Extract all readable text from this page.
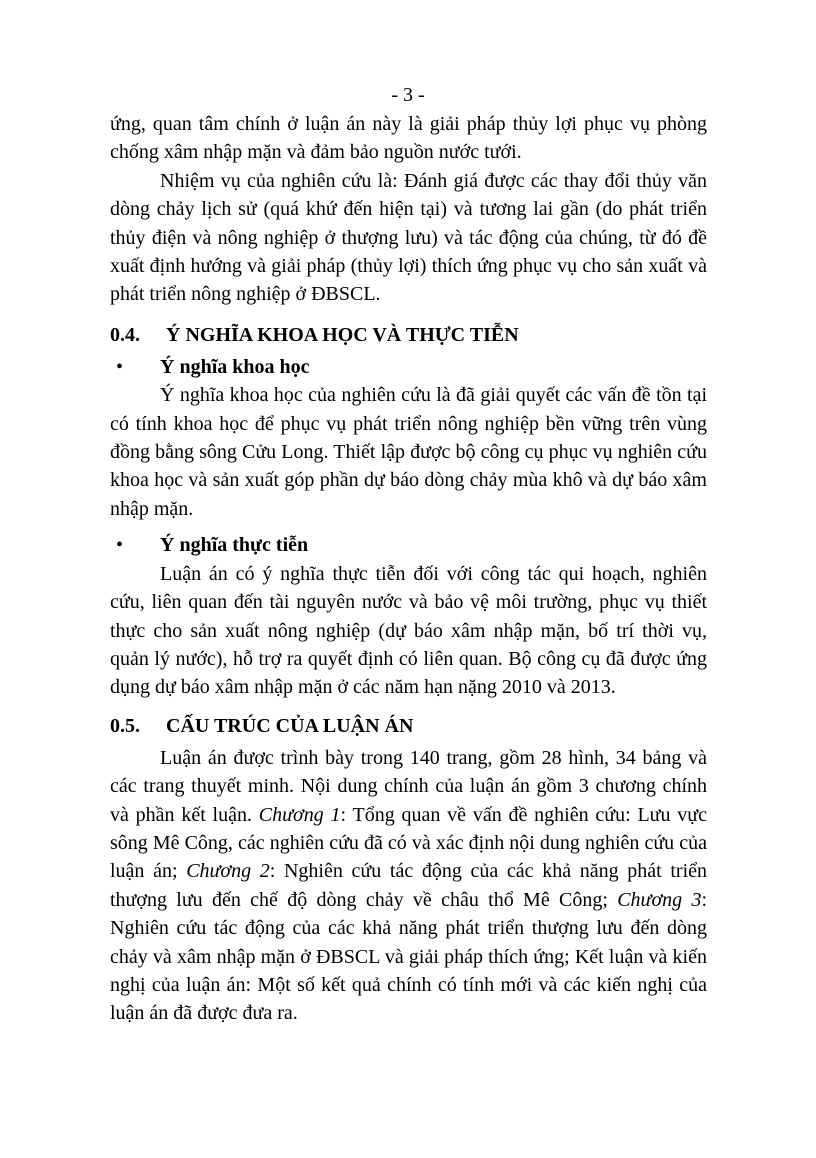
- 3 -

ứng, quan tâm chính ở luận án này là giải pháp thủy lợi phục vụ phòng chống xâm nhập mặn và đảm bảo nguồn nước tưới.

Nhiệm vụ của nghiên cứu là: Đánh giá được các thay đổi thủy văn dòng chảy lịch sử (quá khứ đến hiện tại) và tương lai gần (do phát triển thủy điện và nông nghiệp ở thượng lưu) và tác động của chúng, từ đó đề xuất định hướng và giải pháp (thủy lợi) thích ứng phục vụ cho sản xuất và phát triển nông nghiệp ở ĐBSCL.

0.4.	Ý NGHĨA KHOA HỌC VÀ THỰC TIỄN
•	Ý nghĩa khoa học

Ý nghĩa khoa học của nghiên cứu là đã giải quyết các vấn đề tồn tại có tính khoa học để phục vụ phát triển nông nghiệp bền vững trên vùng đồng bằng sông Cửu Long. Thiết lập được bộ công cụ phục vụ nghiên cứu khoa học và sản xuất góp phần dự báo dòng chảy mùa khô và dự báo xâm nhập mặn.

•	Ý nghĩa thực tiễn

Luận án có ý nghĩa thực tiễn đối với công tác qui hoạch, nghiên cứu, liên quan đến tài nguyên nước và bảo vệ môi trường, phục vụ thiết thực cho sản xuất nông nghiệp (dự báo xâm nhập mặn, bố trí thời vụ, quản lý nước), hỗ trợ ra quyết định có liên quan. Bộ công cụ đã được ứng dụng dự báo xâm nhập mặn ở các năm hạn nặng 2010 và 2013.

0.5.	CẤU TRÚC CỦA LUẬN ÁN

Luận án được trình bày trong 140 trang, gồm 28 hình, 34 bảng và các trang thuyết minh. Nội dung chính của luận án gồm 3 chương chính và phần kết luận. Chương 1: Tổng quan về vấn đề nghiên cứu: Lưu vực sông Mê Công, các nghiên cứu đã có và xác định nội dung nghiên cứu của luận án; Chương 2: Nghiên cứu tác động của các khả năng phát triển thượng lưu đến chế độ dòng chảy về châu thổ Mê Công; Chương 3: Nghiên cứu tác động của các khả năng phát triển thượng lưu đến dòng chảy và xâm nhập mặn ở ĐBSCL và giải pháp thích ứng; Kết luận và kiến nghị của luận án: Một số kết quả chính có tính mới và các kiến nghị của luận án đã được đưa ra.
